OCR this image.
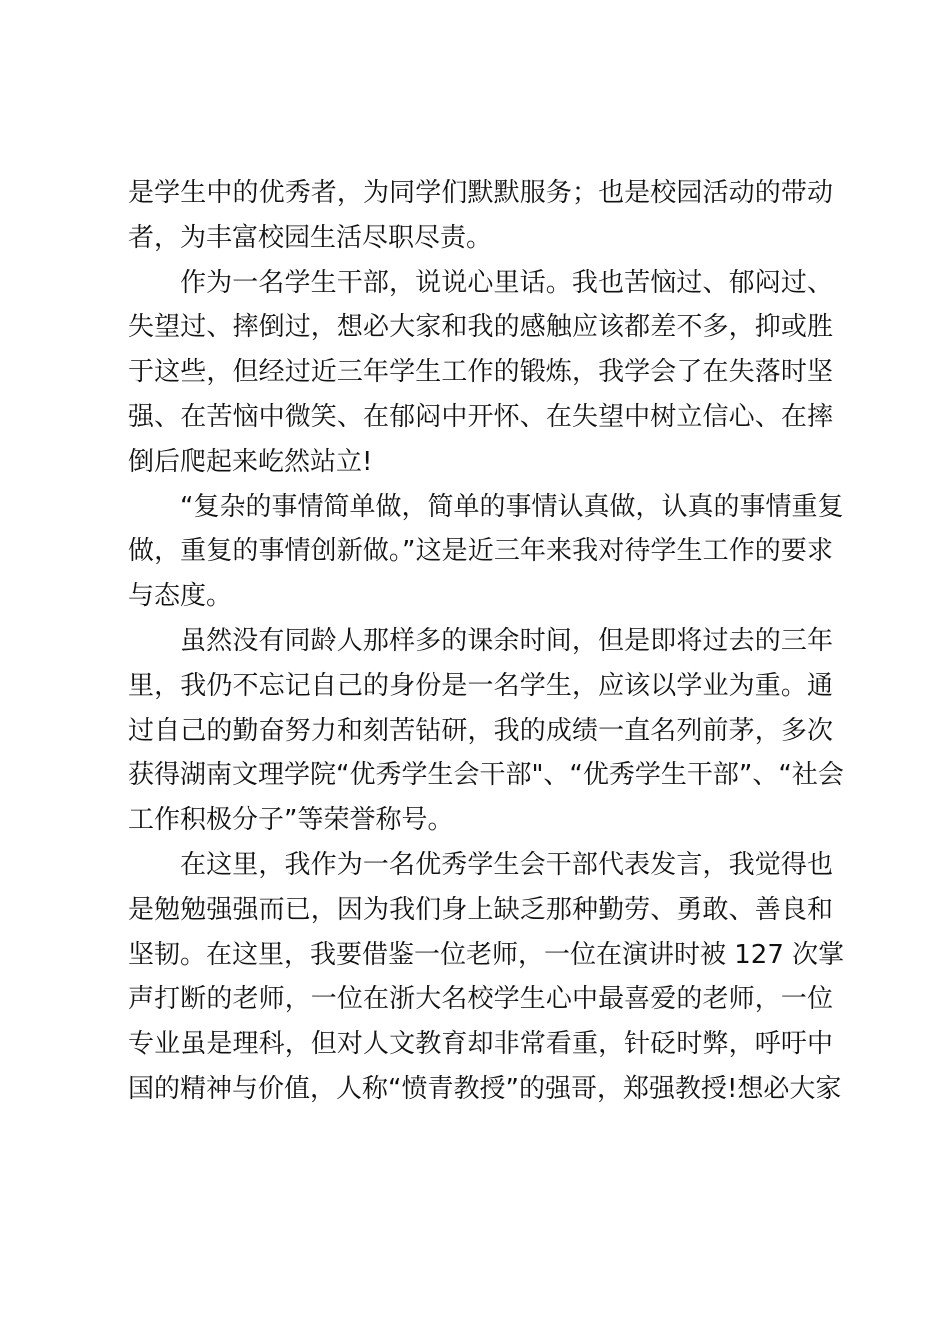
是学生中的优秀者，为同学们默默服务；也是校园活动的带动
者，为丰富校园生活尽职尽责。
作为一名学生干部，说说心里话。我也苦恼过、郁闷过、
失望过、摔倒过，想必大家和我的感触应该都差不多，抑或胜
于这些，但经过近三年学生工作的锻炼，我学会了在失落时坚
强、在苦恼中微笑、在郁闷中开怀、在失望中树立信心、在摔
倒后爬起来屹然站立!
“复杂的事情简单做，简单的事情认真做，认真的事情重复
做，重复的事情创新做。”这是近三年来我对待学生工作的要求
与态度。
虽然没有同龄人那样多的课余时间，但是即将过去的三年
里，我仍不忘记自己的身份是一名学生，应该以学业为重。通
过自己的勤奋努力和刻苦钻研，我的成绩一直名列前茅，多次
获得湖南文理学院“优秀学生会干部"、“优秀学生干部”、“社会
工作积极分子”等荣誉称号。
在这里，我作为一名优秀学生会干部代表发言，我觉得也
是勉勉强强而已，因为我们身上缺乏那种勤劳、勇敢、善良和
坚韧。在这里，我要借鉴一位老师，一位在演讲时被 127 次掌
声打断的老师，一位在浙大名校学生心中最喜爱的老师，一位
专业虽是理科，但对人文教育却非常看重，针砭时弊，呼吁中
国的精神与价值，人称“愤青教授”的强哥，郑强教授!想必大家
